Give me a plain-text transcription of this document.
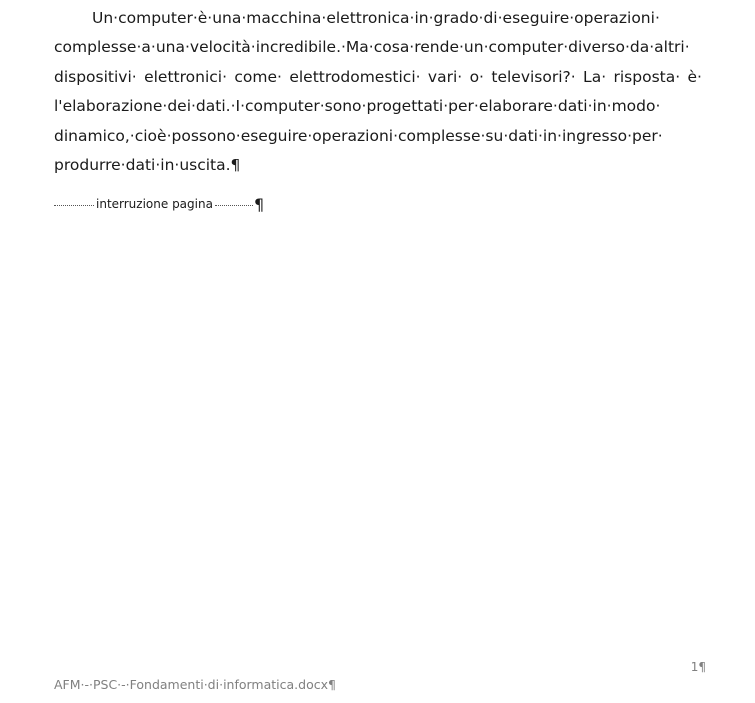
Un·computer·è·una·macchina·elettronica·in·grado·di·eseguire·operazioni·
complesse·a·una·velocità·incredibile.·Ma·cosa·rende·un·computer·diverso·da·altri·
dispositivi· elettronici· come· elettrodomestici· vari· o· televisori?· La· risposta· è·
l'elaborazione·dei·dati.·I·computer·sono·progettati·per·elaborare·dati·in·modo·
dinamico,·cioè·possono·eseguire·operazioni·complesse·su·dati·in·ingresso·per·
produrre·dati·in·uscita.¶
interruzione pagina	¶
1¶
AFM·-·PSC·-·Fondamenti·di·informatica.docx¶
